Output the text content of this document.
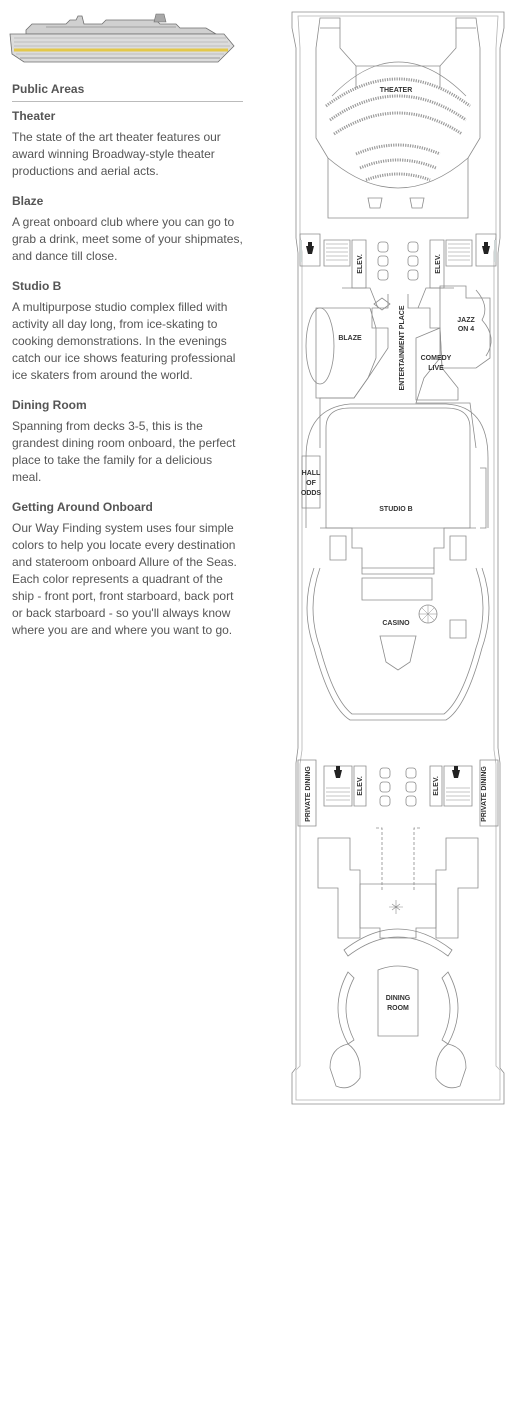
Public Areas
Theater

The state of the art theater features our award winning Broadway-style theater productions and aerial acts.

Blaze

A great onboard club where you can go to grab a drink, meet some of your shipmates, and dance till close.

Studio B

A multipurpose studio complex filled with activity all day long, from ice-skating to cooking demonstrations. In the evenings catch our ice shows featuring professional ice skaters from around the world.

Dining Room

Spanning from decks 3-5, this is the grandest dining room onboard, the perfect place to take the family for a delicious meal.

Getting Around Onboard

Our Way Finding system uses four simple colors to help you locate every destination and stateroom onboard Allure of the Seas. Each color represents a quadrant of the ship - front port, front starboard, back port or back starboard - so you'll always know where you are and where you want to go.

THEATER
ELEV.	ELEV.
ENTERTAINMENT PLACE
BLAZE
JAZZ
ON 4
COMEDY
LIVE
HALL
OF
ODDS
STUDIO B
CASINO
PRIVATE DINING	PRIVATE DINING
ELEV.	ELEV.
DINING
ROOM
